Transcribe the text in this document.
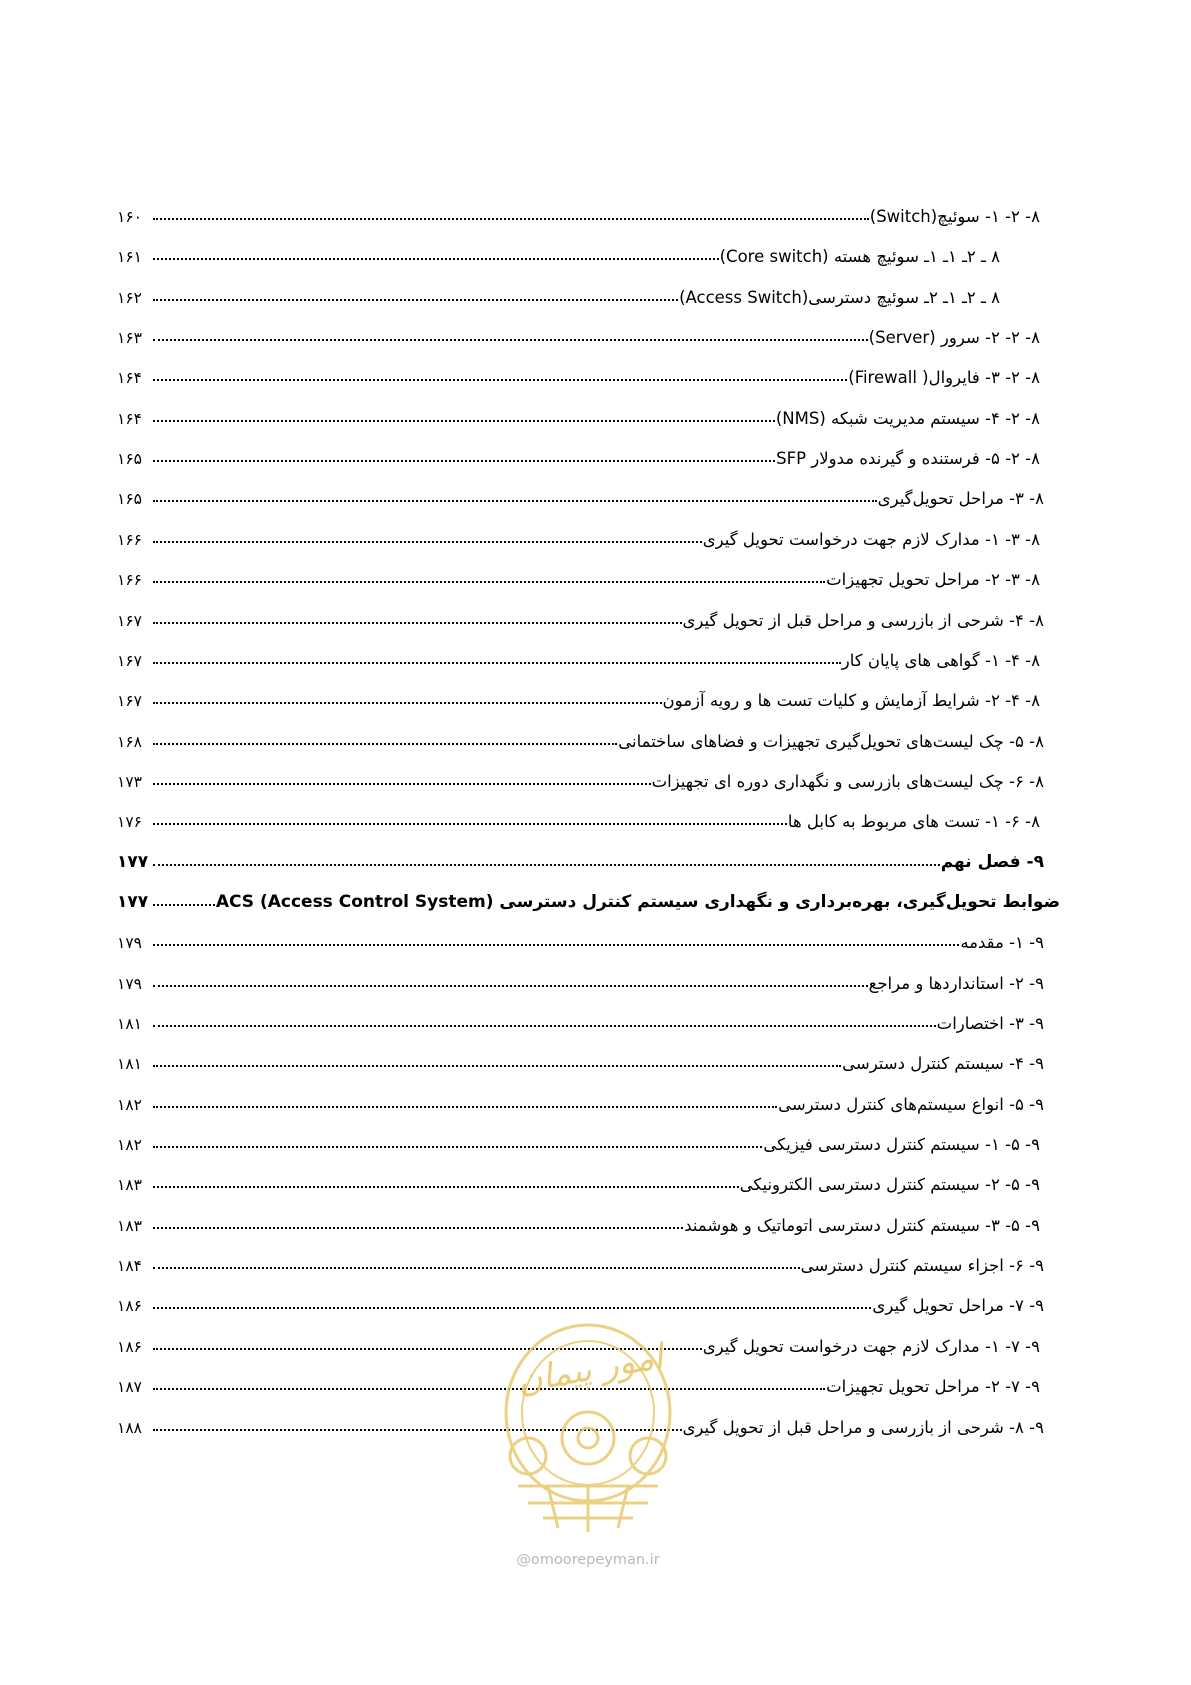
۱۶۰	۸- ۲- ۱- سوئیچ(Switch)
۱۶۱	۸ ـ ۲ـ ۱ـ ۱ـ سوئیچ هسته (Core switch)
۱۶۲	۸ ـ ۲ـ ۱ـ ۲ـ سوئیچ دسترسی(Access Switch)
۱۶۳	۸- ۲- ۲- سرور (Server)
۱۶۴	۸- ۲- ۳- فایروال( Firewall)
۱۶۴	۸- ۲- ۴- سیستم مدیریت شبکه (NMS)
۱۶۵	۸- ۲- ۵- فرستنده و گیرنده مدولار SFP
۱۶۵	۸- ۳- مراحل تحویل‌گیری
۱۶۶	۸- ۳- ۱- مدارک لازم جهت درخواست تحویل گیری
۱۶۶	۸- ۳- ۲- مراحل تحویل تجهیزات
۱۶۷	۸- ۴- شرحی از بازرسی و مراحل قبل از تحویل گیری
۱۶۷	۸- ۴- ۱- گواهی های پایان کار
۱۶۷	۸- ۴- ۲- شرایط آزمایش و کلیات تست ها و رویه آزمون
۱۶۸	۸- ۵- چک لیست‌های تحویل‌گیری تجهیزات و فضاهای ساختمانی
۱۷۳	۸- ۶- چک لیست‌های بازرسی و نگهداری دوره ای تجهیزات
۱۷۶	۸- ۶- ۱- تست های مربوط به کابل ها
۱۷۷	۹- فصل نهم
۱۷۷	ضوابط تحویل‌گیری، بهره‌برداری و نگهداری سیستم کنترل دسترسی ACS (Access Control System)
۱۷۹	۹- ۱- مقدمه
۱۷۹	۹- ۲- استانداردها و مراجع
۱۸۱	۹- ۳- اختصارات
۱۸۱	۹- ۴- سیستم کنترل دسترسی
۱۸۲	۹- ۵- انواع سیستم‌های کنترل دسترسی
۱۸۲	۹- ۵- ۱- سیستم کنترل دسترسی فیزیکی
۱۸۳	۹- ۵- ۲- سیستم کنترل دسترسی الکترونیکی
۱۸۳	۹- ۵- ۳- سیستم کنترل دسترسی اتوماتیک و هوشمند
۱۸۴	۹- ۶- اجزاء سیستم کنترل دسترسی
۱۸۶	۹- ۷- مراحل تحویل گیری
۱۸۶	۹- ۷- ۱- مدارک لازم جهت درخواست تحویل گیری
۱۸۷	۹- ۷- ۲- مراحل تحویل تجهیزات
۱۸۸	۹- ۸- شرحی از بازرسی و مراحل قبل از تحویل گیری
امور پیمان
@omoorepeyman.ir
